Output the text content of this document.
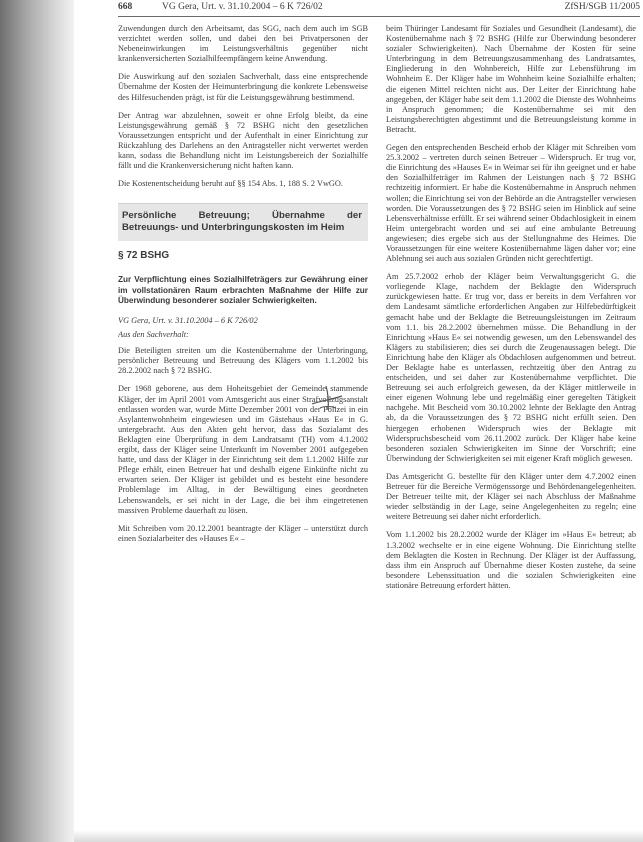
668	VG Gera, Urt. v. 31.10.2004 – 6 K 726/02	ZfSH/SGB 11/2005

Zuwendungen durch den Arbeitsamt, das SGG, nach dem auch im SGB verzichtet werden sollen, und dabei den bei Privatpersonen der Nebeneinwirkungen im Leistungsverhältnis gegenüber nicht krankenversicherten Sozialhilfeempfängern keine Anwendung.

Die Auswirkung auf den sozialen Sachverhalt, dass eine entsprechende Übernahme der Kosten der Heimunterbringung die konkrete Lebensweise des Hilfesuchenden prägt, ist für die Leistungsgewährung bestimmend.

Der Antrag war abzulehnen, soweit er ohne Erfolg bleibt, da eine Leistungsgewährung gemäß § 72 BSHG nicht den gesetzlichen Voraussetzungen entspricht und der Aufenthalt in einer Einrichtung zur Rückzahlung des Darlehens an den Antragsteller nicht verwertet werden kann, sodass die Behandlung nicht im Leistungsbereich der Sozialhilfe fällt und die Krankenversicherung nicht haften kann.

Die Kostenentscheidung beruht auf §§ 154 Abs. 1, 188 S. 2 VwGO.

Persönliche Betreuung; Übernahme der Betreuungs- und Unterbringungskosten im Heim
§ 72 BSHG
Zur Verpflichtung eines Sozialhilfeträgers zur Gewährung einer im vollstationären Raum erbrachten Maßnahme der Hilfe zur Überwindung besonderer sozialer Schwierigkeiten.
VG Gera, Urt. v. 31.10.2004 – 6 K 726/02
Aus den Sachverhalt:

Die Beteiligten streiten um die Kostenübernahme der Unterbringung, persönlicher Betreuung und Betreuung des Klägers vom 1.1.2002 bis 28.2.2002 nach § 72 BSHG.

Der 1968 geborene, aus dem Hoheitsgebiet der Gemeinde stammende Kläger, der im April 2001 vom Amtsgericht aus einer Strafvollzugsanstalt entlassen worden war, wurde Mitte Dezember 2001 von der Polizei in ein Asylantenwohnheim eingewiesen und im Gästehaus »Haus E« in G. untergebracht. Aus den Akten geht hervor, dass das Sozialamt des Beklagten eine Überprüfung in dem Landratsamt (TH) vom 4.1.2002 ergibt, dass der Kläger seine Unterkunft im November 2001 aufgegeben hatte, und dass der Kläger in der Einrichtung seit dem 1.1.2002 Hilfe zur Pflege erhält, einen Betreuer hat und deshalb eigene Einkünfte nicht zu erwarten seien. Der Kläger ist gebildet und es besteht eine besondere Problemlage im Alltag, in der Bewältigung eines geordneten Lebenswandels, er sei nicht in der Lage, die bei ihm eingetretenen massiven Probleme dauerhaft zu lösen.

Mit Schreiben vom 20.12.2001 beantragte der Kläger – unterstützt durch einen Sozialarbeiter des »Hauses E« –

beim Thüringer Landesamt für Soziales und Gesundheit (Landesamt), die Kostenübernahme nach § 72 BSHG (Hilfe zur Überwindung besonderer sozialer Schwierigkeiten). Nach Übernahme der Kosten für seine Unterbringung in dem Betreuungszusammenhang des Landratsamtes, Eingliederung in den Wohnbereich, Hilfe zur Lebensführung im Wohnheim E. Der Kläger habe im Wohnheim keine Sozialhilfe erhalten; die eigenen Mittel reichten nicht aus. Der Leiter der Einrichtung habe angegeben, der Kläger habe seit dem 1.1.2002 die Dienste des Wohnheims in Anspruch genommen; die Kostenübernahme sei mit den Leistungsberechtigten abgestimmt und die Betreuungsleistung komme in Betracht.

Gegen den entsprechenden Bescheid erhob der Kläger mit Schreiben vom 25.3.2002 – vertreten durch seinen Betreuer – Widerspruch. Er trug vor, die Einrichtung des »Hauses E« in Weimar sei für ihn geeignet und er habe den Sozialhilfeträger im Rahmen der Leistungen nach § 72 BSHG rechtzeitig informiert. Er habe die Kostenübernahme in Anspruch nehmen wollen; die Einrichtung sei von der Behörde an die Antragsteller verwiesen worden. Die Voraussetzungen des § 72 BSHG seien im Hinblick auf seine Lebensverhältnisse erfüllt. Er sei während seiner Obdachlosigkeit in einem Heim untergebracht worden und sei auf eine ambulante Betreuung angewiesen; dies ergebe sich aus der Stellungnahme des Heimes. Die Voraussetzungen für eine weitere Kostenübernahme lägen daher vor; eine Ablehnung sei auch aus sozialen Gründen nicht gerechtfertigt.

Am 25.7.2002 erhob der Kläger beim Verwaltungsgericht G. die vorliegende Klage, nachdem der Beklagte den Widerspruch zurückgewiesen hatte. Er trug vor, dass er bereits in dem Verfahren vor dem Landesamt sämtliche erforderlichen Angaben zur Hilfebedürftigkeit gemacht habe und der Beklagte die Betreuungsleistungen im Zeitraum vom 1.1. bis 28.2.2002 übernehmen müsse. Die Behandlung in der Einrichtung »Haus E« sei notwendig gewesen, um den Lebenswandel des Klägers zu stabilisieren; dies sei durch die Zeugenaussagen belegt. Die Einrichtung habe den Kläger als Obdachlosen aufgenommen und betreut. Der Beklagte habe es unterlassen, rechtzeitig über den Antrag zu entscheiden, und sei daher zur Kostenübernahme verpflichtet. Die Betreuung sei auch erfolgreich gewesen, da der Kläger mittlerweile in einer eigenen Wohnung lebe und regelmäßig einer geregelten Tätigkeit nachgehe. Mit Bescheid vom 30.10.2002 lehnte der Beklagte den Antrag ab, da die Voraussetzungen des § 72 BSHG nicht erfüllt seien. Den hiergegen erhobenen Widerspruch wies der Beklagte mit Widerspruchsbescheid vom 26.11.2002 zurück. Der Kläger habe keine besonderen sozialen Schwierigkeiten im Sinne der Vorschrift; eine Überwindung der Schwierigkeiten sei mit eigener Kraft möglich gewesen.

Das Amtsgericht G. bestellte für den Kläger unter dem 4.7.2002 einen Betreuer für die Bereiche Vermögenssorge und Behördenangelegenheiten. Der Betreuer teilte mit, der Kläger sei nach Abschluss der Maßnahme wieder selbständig in der Lage, seine Angelegenheiten zu regeln; eine weitere Betreuung sei daher nicht erforderlich.

Vom 1.1.2002 bis 28.2.2002 wurde der Kläger im »Haus E« betreut; ab 1.3.2002 wechselte er in eine eigene Wohnung. Die Einrichtung stellte dem Beklagten die Kosten in Rechnung. Der Kläger ist der Auffassung, dass ihm ein Anspruch auf Übernahme dieser Kosten zustehe, da seine besondere Lebenssituation und die sozialen Schwierigkeiten eine stationäre Betreuung erfordert hätten.
